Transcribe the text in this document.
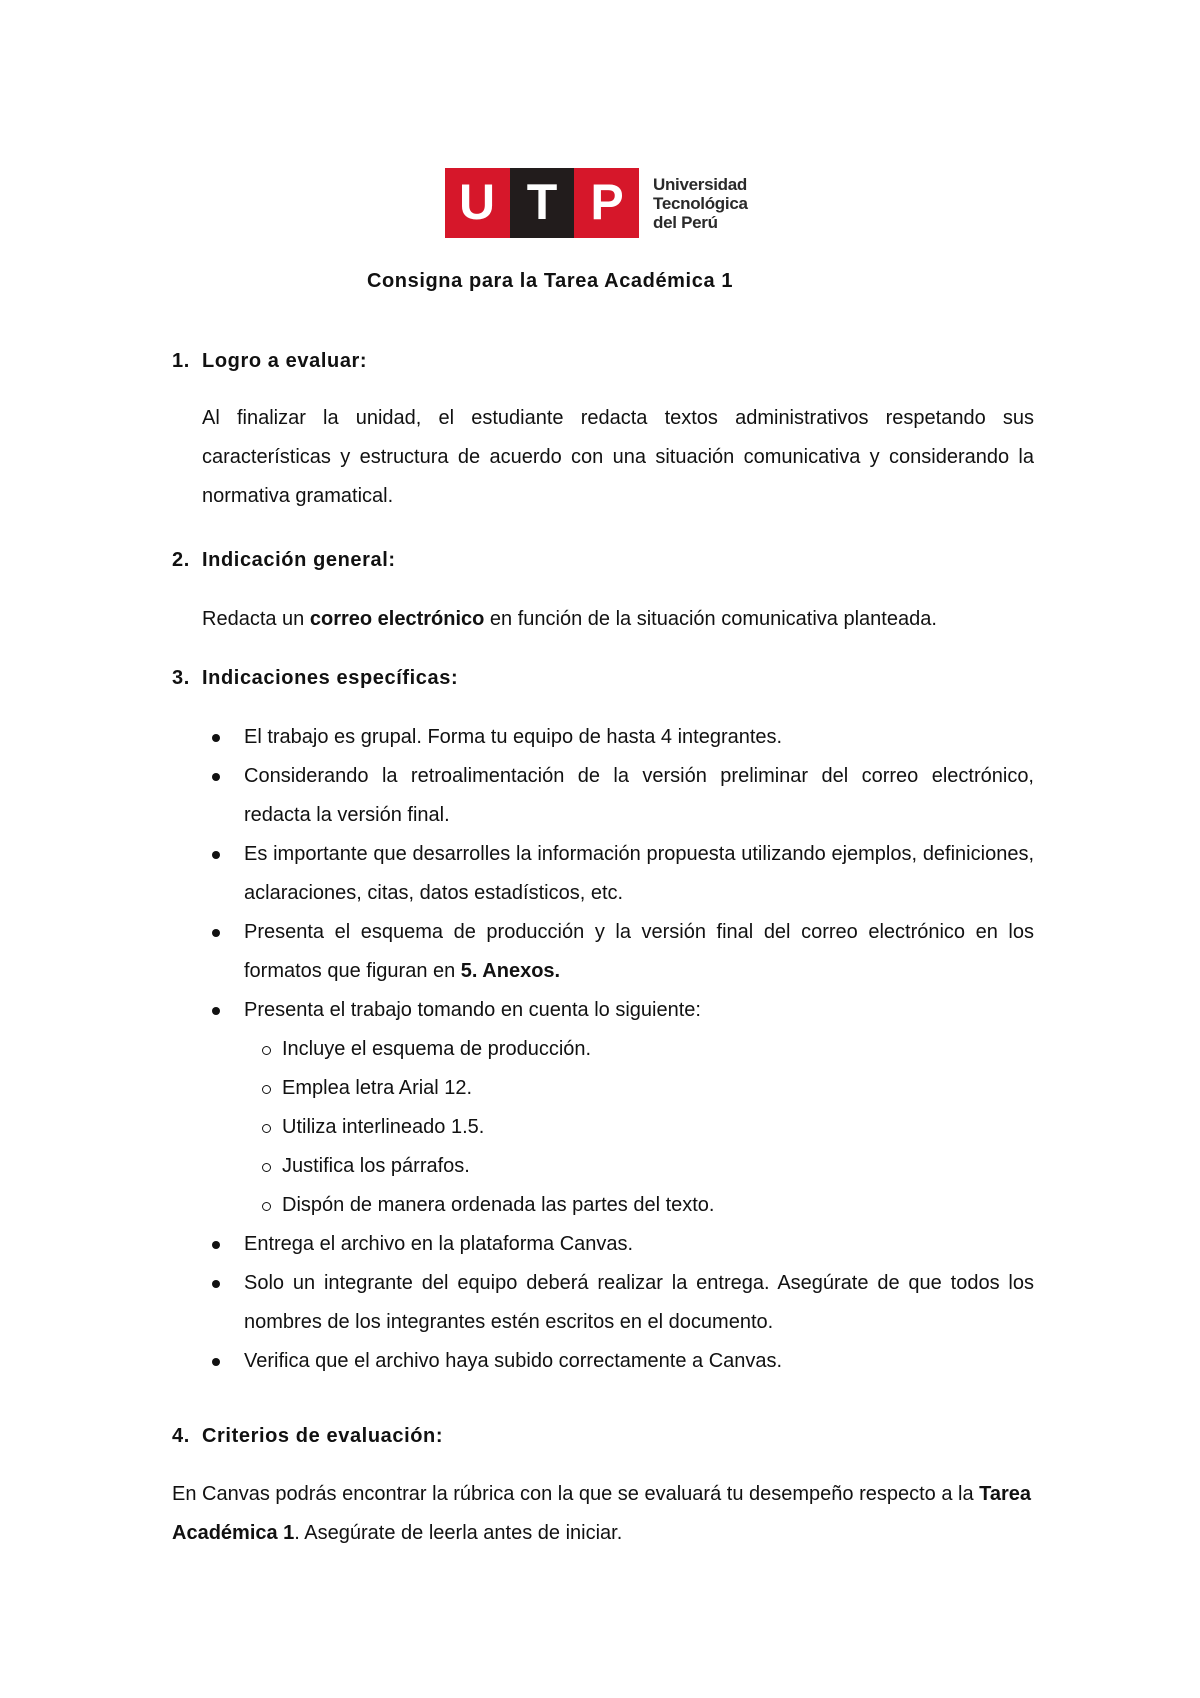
U T P Universidad
Tecnológica
del Perú
Consigna para la Tarea Académica 1
1. Logro a evaluar:
Al finalizar la unidad, el estudiante redacta textos administrativos respetando sus características y estructura de acuerdo con una situación comunicativa y considerando la normativa gramatical.
2. Indicación general:
Redacta un correo electrónico en función de la situación comunicativa planteada.
3. Indicaciones específicas:
El trabajo es grupal. Forma tu equipo de hasta 4 integrantes.
Considerando la retroalimentación de la versión preliminar del correo electrónico, redacta la versión final.
Es importante que desarrolles la información propuesta utilizando ejemplos, definiciones, aclaraciones, citas, datos estadísticos, etc.
Presenta el esquema de producción y la versión final del correo electrónico en los formatos que figuran en 5. Anexos.
Presenta el trabajo tomando en cuenta lo siguiente:
Incluye el esquema de producción.
Emplea letra Arial 12.
Utiliza interlineado 1.5.
Justifica los párrafos.
Dispón de manera ordenada las partes del texto.
Entrega el archivo en la plataforma Canvas.
Solo un integrante del equipo deberá realizar la entrega. Asegúrate de que todos los nombres de los integrantes estén escritos en el documento.
Verifica que el archivo haya subido correctamente a Canvas.
4. Criterios de evaluación:
En Canvas podrás encontrar la rúbrica con la que se evaluará tu desempeño respecto a la Tarea Académica 1. Asegúrate de leerla antes de iniciar.
